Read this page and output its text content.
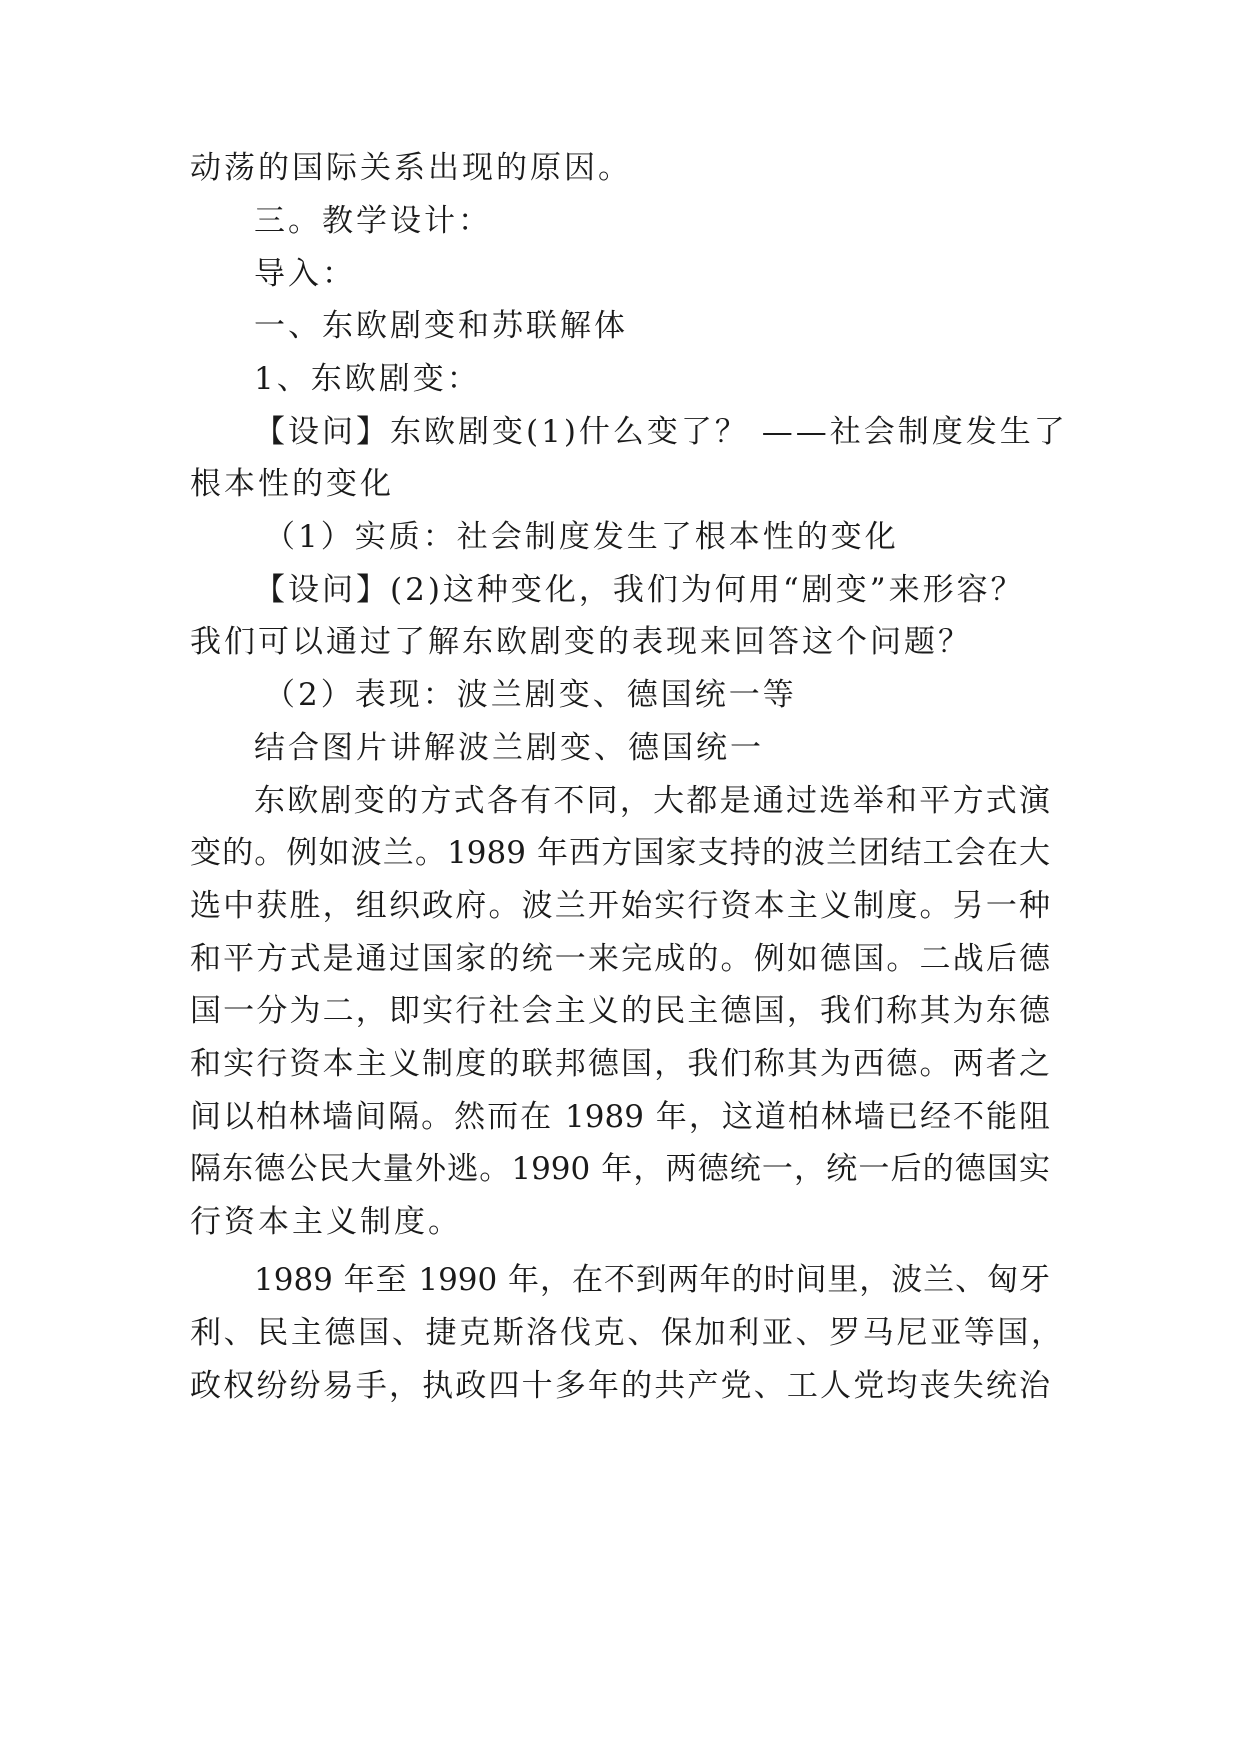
动荡的国际关系出现的原因。
三。教学设计：
导入：
一、东欧剧变和苏联解体
1、东欧剧变：
【设问】东欧剧变(1)什么变了？ ——社会制度发生了
根本性的变化
（1）实质：社会制度发生了根本性的变化
【设问】(2)这种变化，我们为何用“剧变”来形容？
我们可以通过了解东欧剧变的表现来回答这个问题？
（2）表现：波兰剧变、德国统一等
结合图片讲解波兰剧变、德国统一
东欧剧变的方式各有不同，大都是通过选举和平方式演
变的。例如波兰。1989 年西方国家支持的波兰团结工会在大
选中获胜，组织政府。波兰开始实行资本主义制度。另一种
和平方式是通过国家的统一来完成的。例如德国。二战后德
国一分为二，即实行社会主义的民主德国，我们称其为东德
和实行资本主义制度的联邦德国，我们称其为西德。两者之
间以柏林墙间隔。然而在 1989 年，这道柏林墙已经不能阻
隔东德公民大量外逃。1990 年，两德统一，统一后的德国实
行资本主义制度。
1989 年至 1990 年，在不到两年的时间里，波兰、匈牙
利、民主德国、捷克斯洛伐克、保加利亚、罗马尼亚等国，
政权纷纷易手，执政四十多年的共产党、工人党均丧失统治
